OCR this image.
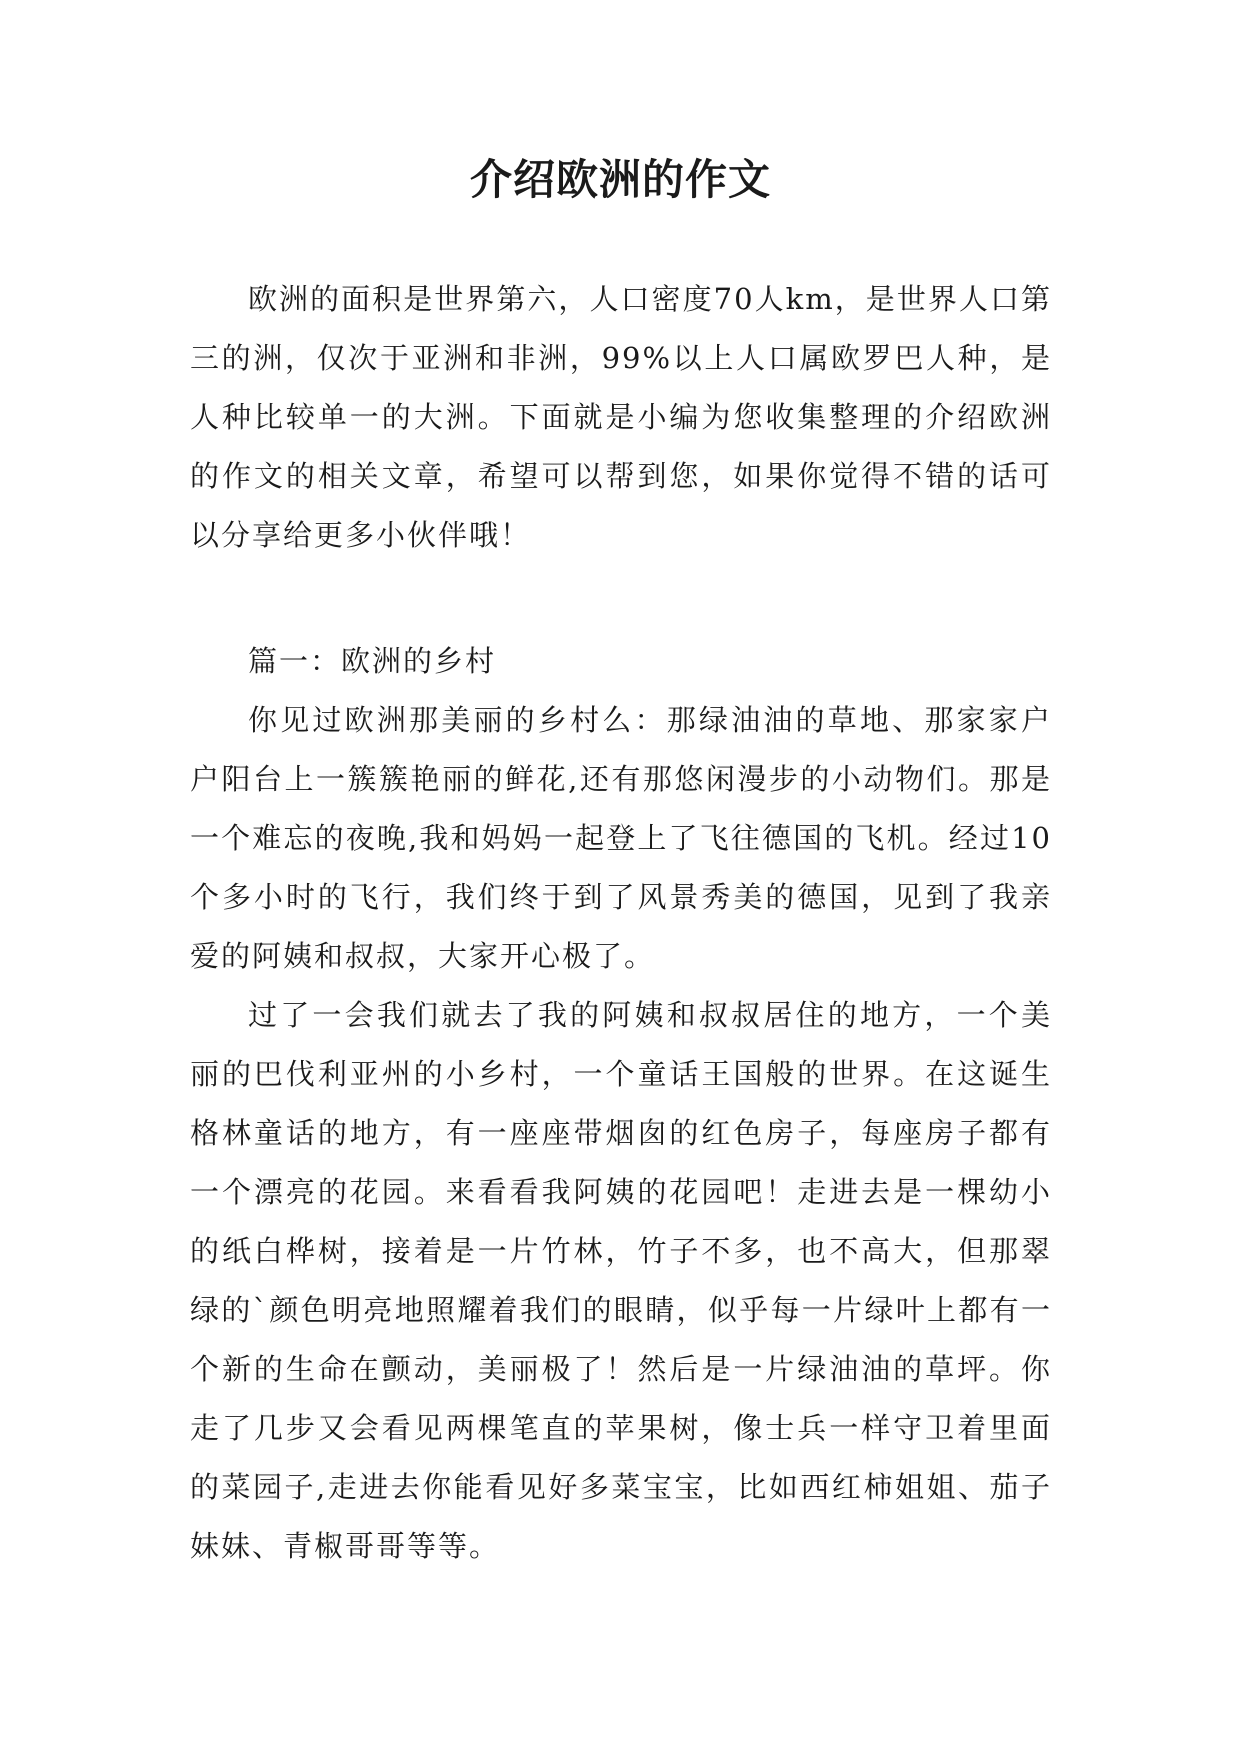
介绍欧洲的作文

欧洲的面积是世界第六，人口密度70人km，是世界人口第三的洲，仅次于亚洲和非洲，99%以上人口属欧罗巴人种，是人种比较单一的大洲。下面就是小编为您收集整理的介绍欧洲的作文的相关文章，希望可以帮到您，如果你觉得不错的话可以分享给更多小伙伴哦！

篇一：欧洲的乡村

你见过欧洲那美丽的乡村么：那绿油油的草地、那家家户户阳台上一簇簇艳丽的鲜花,还有那悠闲漫步的小动物们。那是一个难忘的夜晚,我和妈妈一起登上了飞往德国的飞机。经过10个多小时的飞行，我们终于到了风景秀美的德国，见到了我亲爱的阿姨和叔叔，大家开心极了。

过了一会我们就去了我的阿姨和叔叔居住的地方，一个美丽的巴伐利亚州的小乡村，一个童话王国般的世界。在这诞生格林童话的地方，有一座座带烟囱的红色房子，每座房子都有一个漂亮的花园。来看看我阿姨的花园吧！走进去是一棵幼小的纸白桦树，接着是一片竹林，竹子不多，也不高大，但那翠绿的`颜色明亮地照耀着我们的眼睛，似乎每一片绿叶上都有一个新的生命在颤动，美丽极了！然后是一片绿油油的草坪。你走了几步又会看见两棵笔直的苹果树，像士兵一样守卫着里面的菜园子,走进去你能看见好多菜宝宝，比如西红柿姐姐、茄子妹妹、青椒哥哥等等。
